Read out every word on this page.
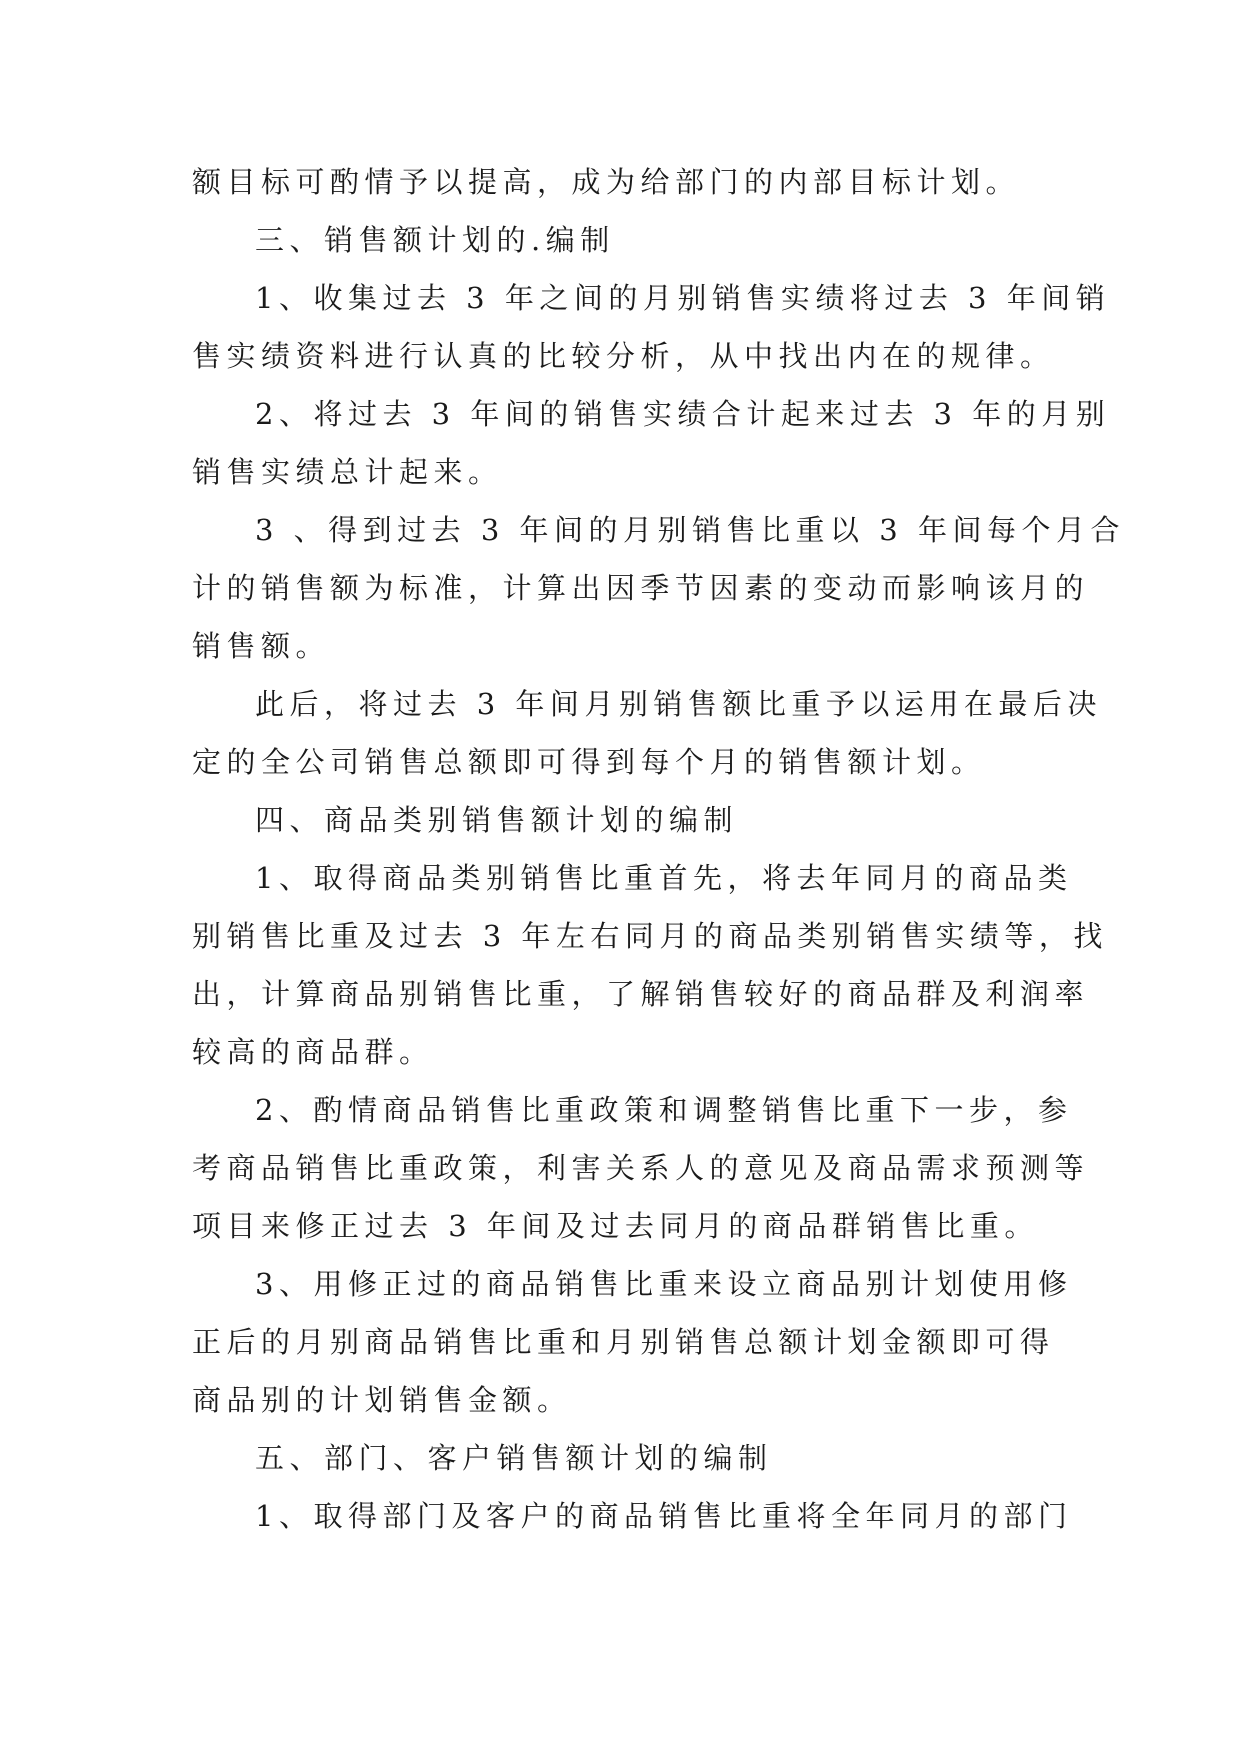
额目标可酌情予以提高，成为给部门的内部目标计划。
三、销售额计划的.编制
1、收集过去 3 年之间的月别销售实绩将过去 3 年间销
售实绩资料进行认真的比较分析，从中找出内在的规律。
2、将过去 3 年间的销售实绩合计起来过去 3 年的月别
销售实绩总计起来。
3 、得到过去 3 年间的月别销售比重以 3 年间每个月合
计的销售额为标准，计算出因季节因素的变动而影响该月的
销售额。
此后，将过去 3 年间月别销售额比重予以运用在最后决
定的全公司销售总额即可得到每个月的销售额计划。
四、商品类别销售额计划的编制
1、取得商品类别销售比重首先，将去年同月的商品类
别销售比重及过去 3 年左右同月的商品类别销售实绩等，找
出，计算商品别销售比重，了解销售较好的商品群及利润率
较高的商品群。
2、酌情商品销售比重政策和调整销售比重下一步，参
考商品销售比重政策，利害关系人的意见及商品需求预测等
项目来修正过去 3 年间及过去同月的商品群销售比重。
3、用修正过的商品销售比重来设立商品别计划使用修
正后的月别商品销售比重和月别销售总额计划金额即可得
商品别的计划销售金额。
五、部门、客户销售额计划的编制
1、取得部门及客户的商品销售比重将全年同月的部门
